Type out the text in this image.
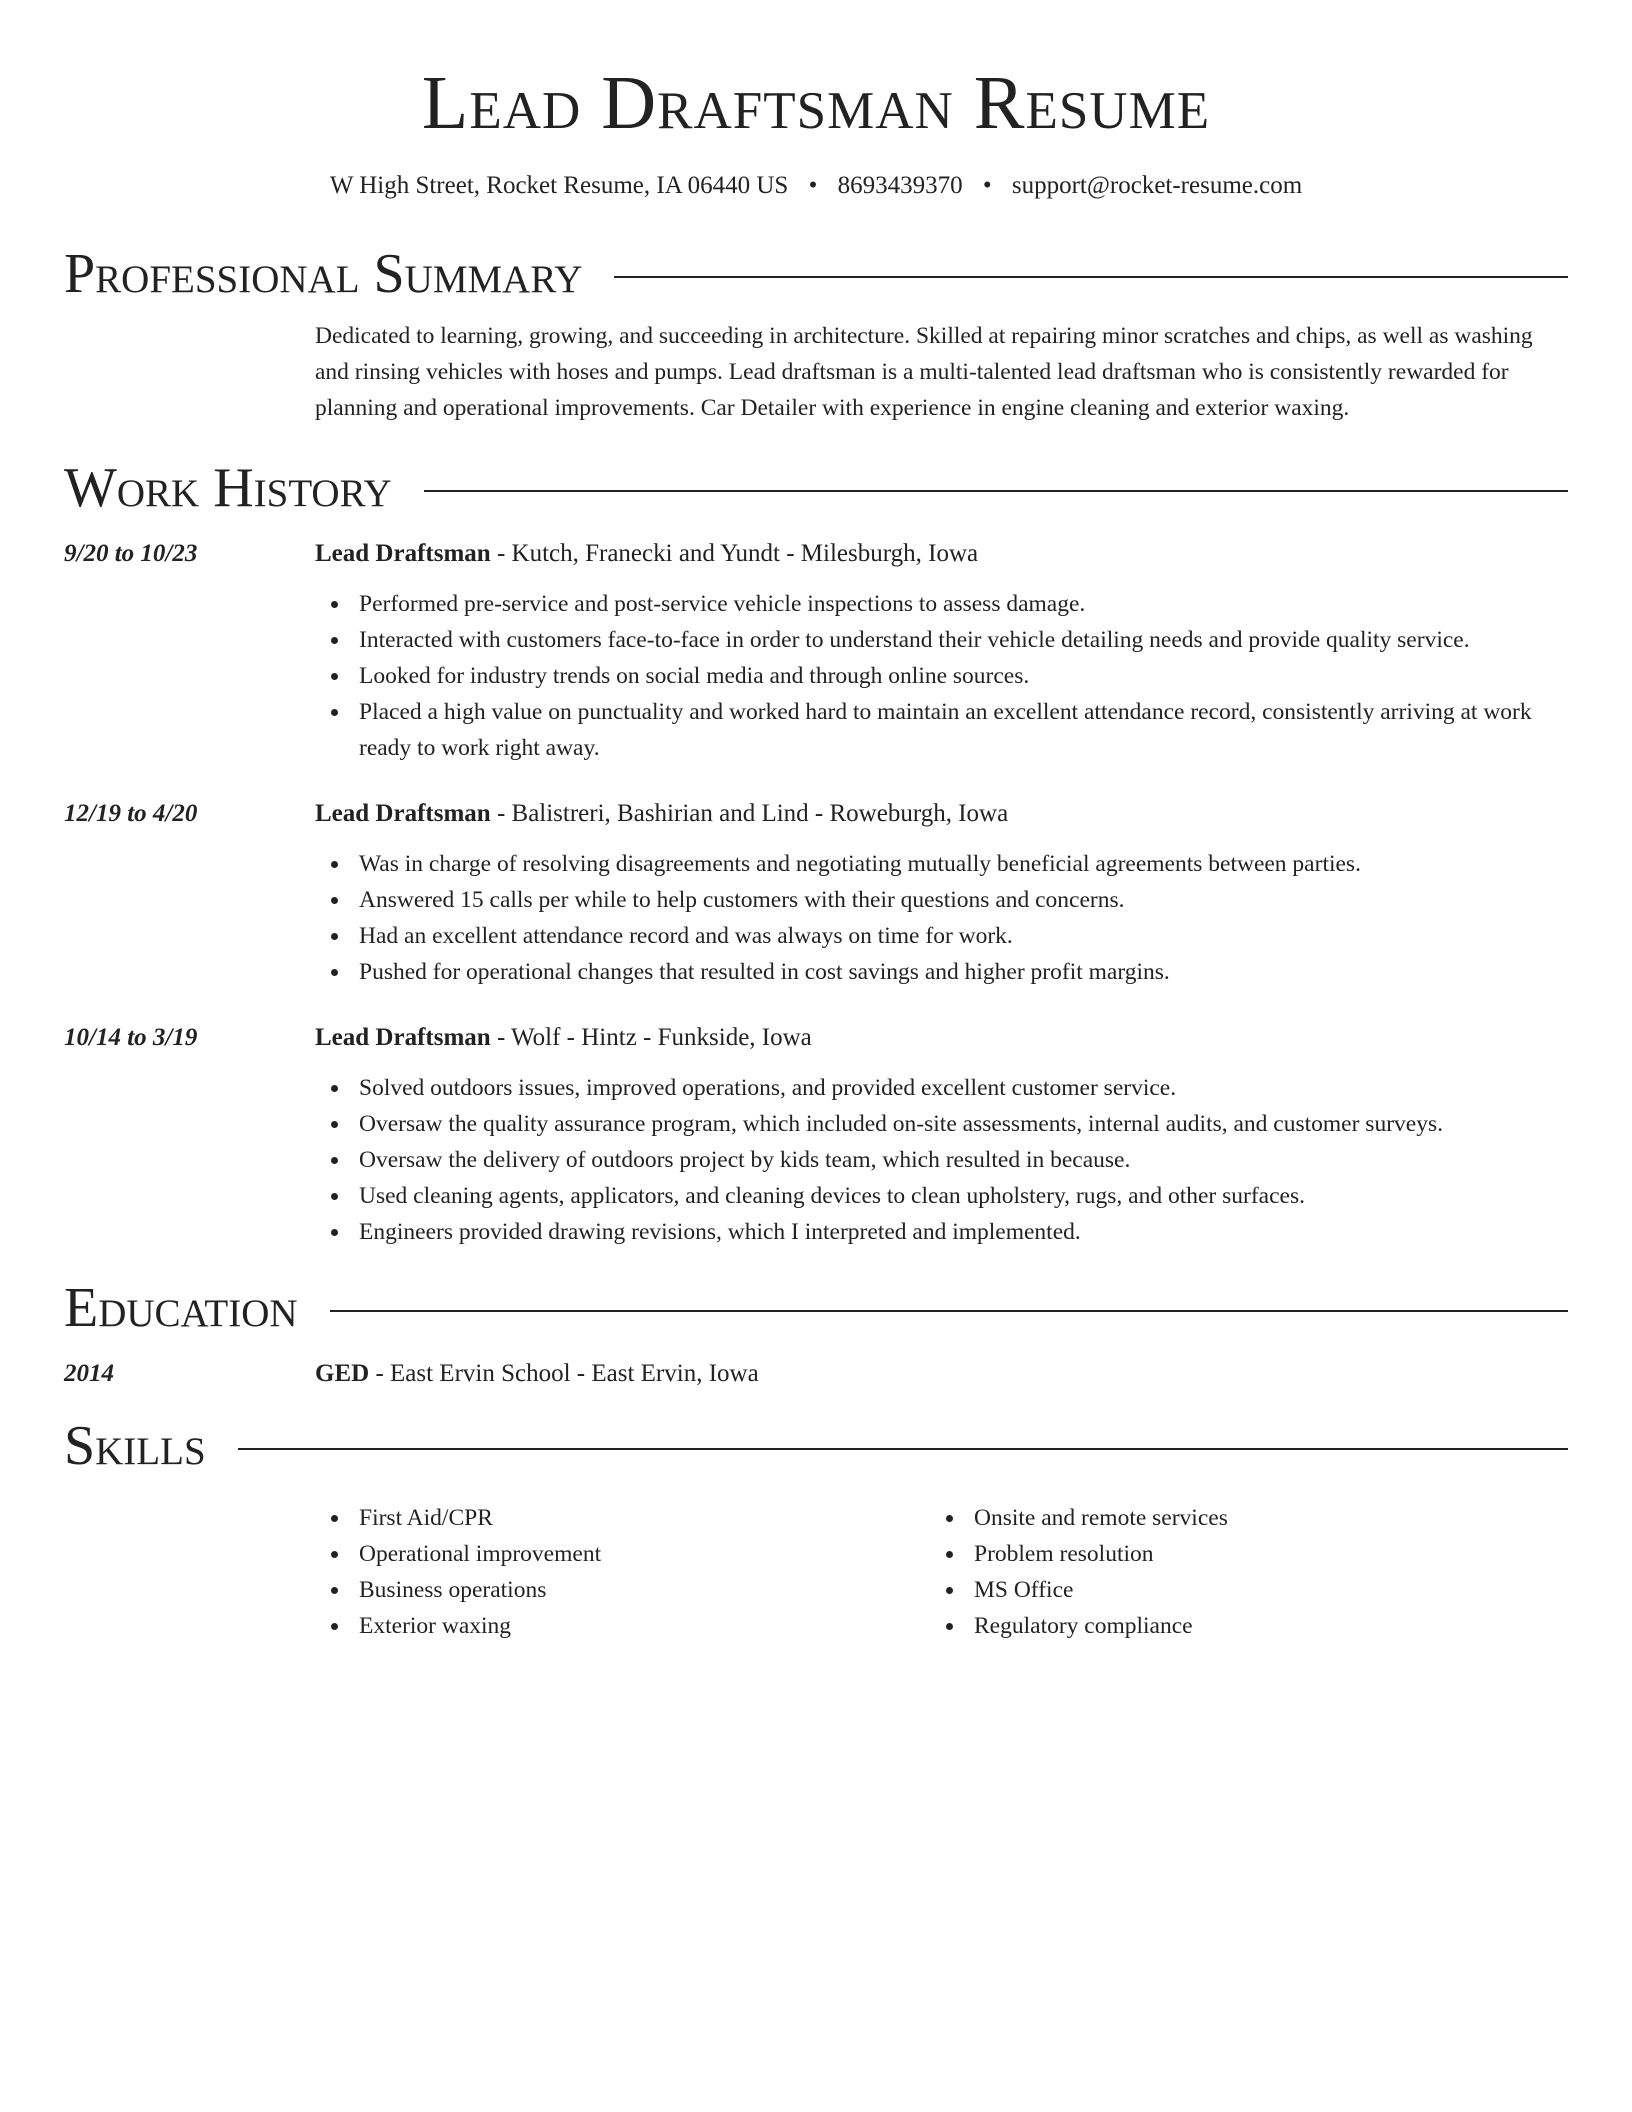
Lead Draftsman Resume
W High Street, Rocket Resume, IA 06440 US • 8693439370 • support@rocket-resume.com
Professional Summary
Dedicated to learning, growing, and succeeding in architecture. Skilled at repairing minor scratches and chips, as well as washing and rinsing vehicles with hoses and pumps. Lead draftsman is a multi-talented lead draftsman who is consistently rewarded for planning and operational improvements. Car Detailer with experience in engine cleaning and exterior waxing.
Work History
9/20 to 10/23	Lead Draftsman - Kutch, Franecki and Yundt - Milesburgh, Iowa
Performed pre-service and post-service vehicle inspections to assess damage.
Interacted with customers face-to-face in order to understand their vehicle detailing needs and provide quality service.
Looked for industry trends on social media and through online sources.
Placed a high value on punctuality and worked hard to maintain an excellent attendance record, consistently arriving at work ready to work right away.
12/19 to 4/20	Lead Draftsman - Balistreri, Bashirian and Lind - Roweburgh, Iowa
Was in charge of resolving disagreements and negotiating mutually beneficial agreements between parties.
Answered 15 calls per while to help customers with their questions and concerns.
Had an excellent attendance record and was always on time for work.
Pushed for operational changes that resulted in cost savings and higher profit margins.
10/14 to 3/19	Lead Draftsman - Wolf - Hintz - Funkside, Iowa
Solved outdoors issues, improved operations, and provided excellent customer service.
Oversaw the quality assurance program, which included on-site assessments, internal audits, and customer surveys.
Oversaw the delivery of outdoors project by kids team, which resulted in because.
Used cleaning agents, applicators, and cleaning devices to clean upholstery, rugs, and other surfaces.
Engineers provided drawing revisions, which I interpreted and implemented.
Education
2014	GED - East Ervin School - East Ervin, Iowa
Skills
First Aid/CPR
Operational improvement
Business operations
Exterior waxing
Onsite and remote services
Problem resolution
MS Office
Regulatory compliance
